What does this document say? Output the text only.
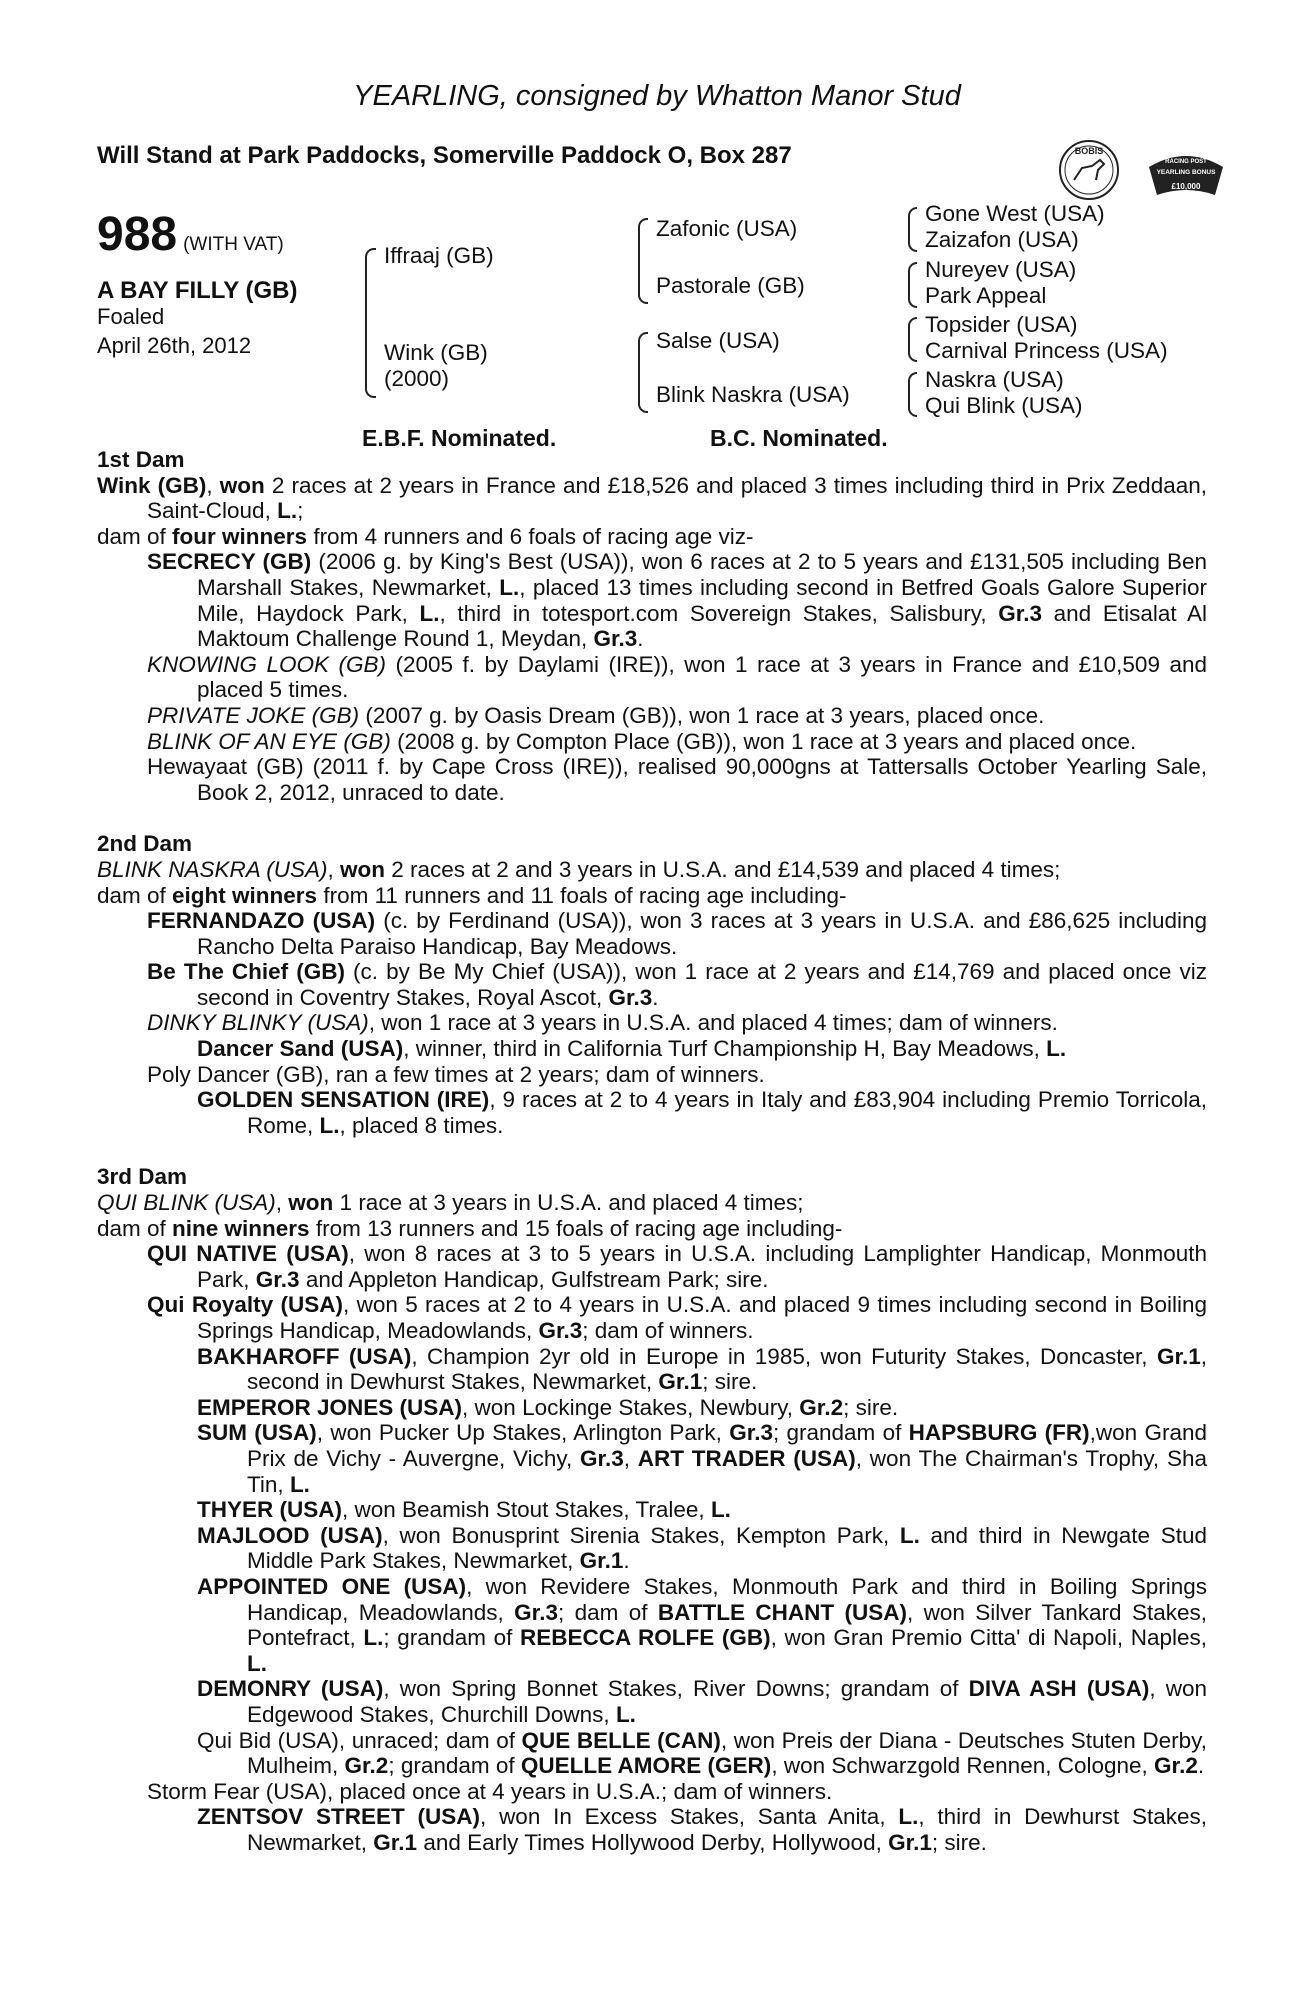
YEARLING, consigned by Whatton Manor Stud
Will Stand at Park Paddocks, Somerville Paddock O, Box 287	BOBIS
RACING POST
YEARLING BONUS
£10,000
988 (WITH VAT)
A BAY FILLY (GB)
Foaled
April 26th, 2012
Iffraaj (GB)
Wink (GB)
(2000)
Zafonic (USA)
Pastorale (GB)
Salse (USA)
Blink Naskra (USA)
Gone West (USA)
Zaizafon (USA)
Nureyev (USA)
Park Appeal
Topsider (USA)
Carnival Princess (USA)
Naskra (USA)
Qui Blink (USA)
E.B.F. Nominated.	B.C. Nominated.

1st Dam

Wink (GB), won 2 races at 2 years in France and £18,526 and placed 3 times including third in Prix Zeddaan, Saint-Cloud, L.;

dam of four winners from 4 runners and 6 foals of racing age viz-

SECRECY (GB) (2006 g. by King's Best (USA)), won 6 races at 2 to 5 years and £131,505 including Ben Marshall Stakes, Newmarket, L., placed 13 times including second in Betfred Goals Galore Superior Mile, Haydock Park, L., third in totesport.com Sovereign Stakes, Salisbury, Gr.3 and Etisalat Al Maktoum Challenge Round 1, Meydan, Gr.3.

KNOWING LOOK (GB) (2005 f. by Daylami (IRE)), won 1 race at 3 years in France and £10,509 and placed 5 times.

PRIVATE JOKE (GB) (2007 g. by Oasis Dream (GB)), won 1 race at 3 years, placed once.

BLINK OF AN EYE (GB) (2008 g. by Compton Place (GB)), won 1 race at 3 years and placed once.

Hewayaat (GB) (2011 f. by Cape Cross (IRE)), realised 90,000gns at Tattersalls October Yearling Sale, Book 2, 2012, unraced to date.

2nd Dam

BLINK NASKRA (USA), won 2 races at 2 and 3 years in U.S.A. and £14,539 and placed 4 times;

dam of eight winners from 11 runners and 11 foals of racing age including-

FERNANDAZO (USA) (c. by Ferdinand (USA)), won 3 races at 3 years in U.S.A. and £86,625 including Rancho Delta Paraiso Handicap, Bay Meadows.

Be The Chief (GB) (c. by Be My Chief (USA)), won 1 race at 2 years and £14,769 and placed once viz second in Coventry Stakes, Royal Ascot, Gr.3.

DINKY BLINKY (USA), won 1 race at 3 years in U.S.A. and placed 4 times; dam of winners.

Dancer Sand (USA), winner, third in California Turf Championship H, Bay Meadows, L.

Poly Dancer (GB), ran a few times at 2 years; dam of winners.

GOLDEN SENSATION (IRE), 9 races at 2 to 4 years in Italy and £83,904 including Premio Torricola, Rome, L., placed 8 times.

3rd Dam

QUI BLINK (USA), won 1 race at 3 years in U.S.A. and placed 4 times;

dam of nine winners from 13 runners and 15 foals of racing age including-

QUI NATIVE (USA), won 8 races at 3 to 5 years in U.S.A. including Lamplighter Handicap, Monmouth Park, Gr.3 and Appleton Handicap, Gulfstream Park; sire.

Qui Royalty (USA), won 5 races at 2 to 4 years in U.S.A. and placed 9 times including second in Boiling Springs Handicap, Meadowlands, Gr.3; dam of winners.

BAKHAROFF (USA), Champion 2yr old in Europe in 1985, won Futurity Stakes, Doncaster, Gr.1, second in Dewhurst Stakes, Newmarket, Gr.1; sire.

EMPEROR JONES (USA), won Lockinge Stakes, Newbury, Gr.2; sire.

SUM (USA), won Pucker Up Stakes, Arlington Park, Gr.3; grandam of HAPSBURG (FR),won Grand Prix de Vichy - Auvergne, Vichy, Gr.3, ART TRADER (USA), won The Chairman's Trophy, Sha Tin, L.

THYER (USA), won Beamish Stout Stakes, Tralee, L.

MAJLOOD (USA), won Bonusprint Sirenia Stakes, Kempton Park, L. and third in Newgate Stud Middle Park Stakes, Newmarket, Gr.1.

APPOINTED ONE (USA), won Revidere Stakes, Monmouth Park and third in Boiling Springs Handicap, Meadowlands, Gr.3; dam of BATTLE CHANT (USA), won Silver Tankard Stakes, Pontefract, L.; grandam of REBECCA ROLFE (GB), won Gran Premio Citta' di Napoli, Naples, L.

DEMONRY (USA), won Spring Bonnet Stakes, River Downs; grandam of DIVA ASH (USA), won Edgewood Stakes, Churchill Downs, L.

Qui Bid (USA), unraced; dam of QUE BELLE (CAN), won Preis der Diana - Deutsches Stuten Derby, Mulheim, Gr.2; grandam of QUELLE AMORE (GER), won Schwarzgold Rennen, Cologne, Gr.2.

Storm Fear (USA), placed once at 4 years in U.S.A.; dam of winners.

ZENTSOV STREET (USA), won In Excess Stakes, Santa Anita, L., third in Dewhurst Stakes, Newmarket, Gr.1 and Early Times Hollywood Derby, Hollywood, Gr.1; sire.
